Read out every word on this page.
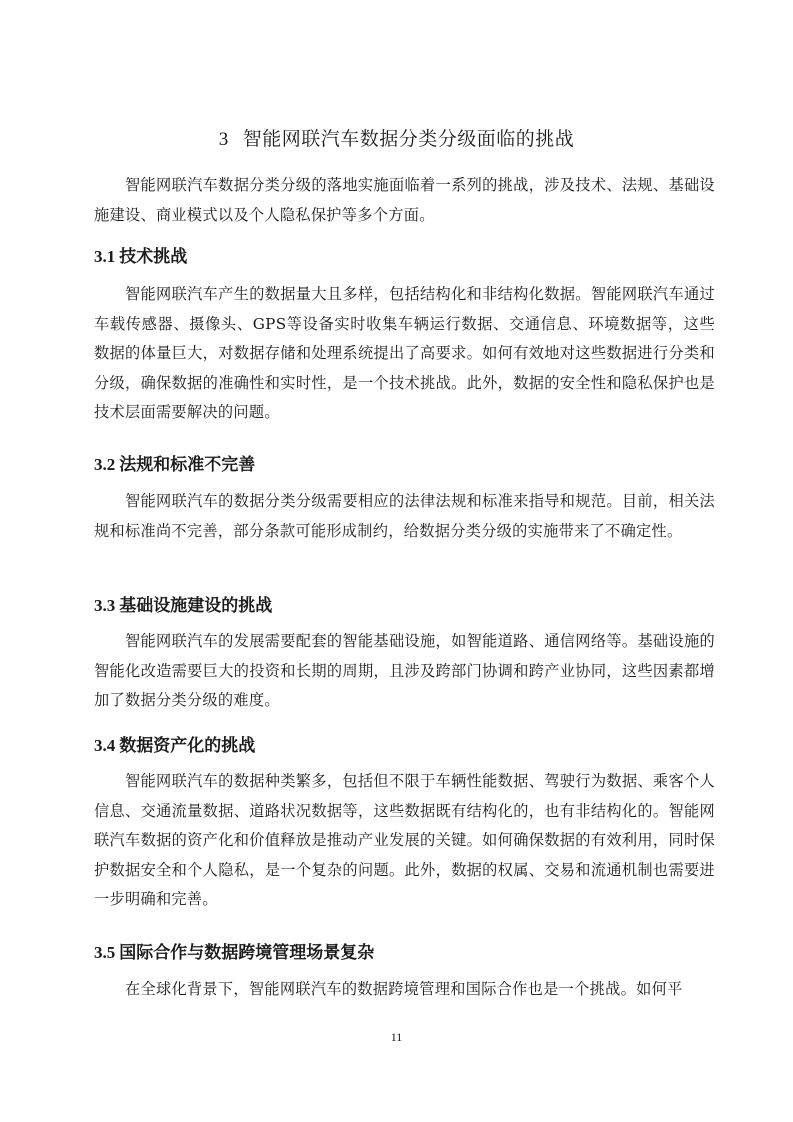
3 智能网联汽车数据分类分级面临的挑战

智能网联汽车数据分类分级的落地实施面临着一系列的挑战，涉及技术、法规、基础设施建设、商业模式以及个人隐私保护等多个方面。

3.1 技术挑战

智能网联汽车产生的数据量大且多样，包括结构化和非结构化数据。智能网联汽车通过车载传感器、摄像头、GPS等设备实时收集车辆运行数据、交通信息、环境数据等，这些数据的体量巨大，对数据存储和处理系统提出了高要求。如何有效地对这些数据进行分类和分级，确保数据的准确性和实时性，是一个技术挑战。此外，数据的安全性和隐私保护也是技术层面需要解决的问题。

3.2 法规和标准不完善

智能网联汽车的数据分类分级需要相应的法律法规和标准来指导和规范。目前，相关法规和标准尚不完善，部分条款可能形成制约，给数据分类分级的实施带来了不确定性。

3.3 基础设施建设的挑战

智能网联汽车的发展需要配套的智能基础设施，如智能道路、通信网络等。基础设施的智能化改造需要巨大的投资和长期的周期，且涉及跨部门协调和跨产业协同，这些因素都增加了数据分类分级的难度。

3.4 数据资产化的挑战

智能网联汽车的数据种类繁多，包括但不限于车辆性能数据、驾驶行为数据、乘客个人信息、交通流量数据、道路状况数据等，这些数据既有结构化的，也有非结构化的。智能网联汽车数据的资产化和价值释放是推动产业发展的关键。如何确保数据的有效利用，同时保护数据安全和个人隐私，是一个复杂的问题。此外，数据的权属、交易和流通机制也需要进一步明确和完善。

3.5 国际合作与数据跨境管理场景复杂

在全球化背景下，智能网联汽车的数据跨境管理和国际合作也是一个挑战。如何平

11
